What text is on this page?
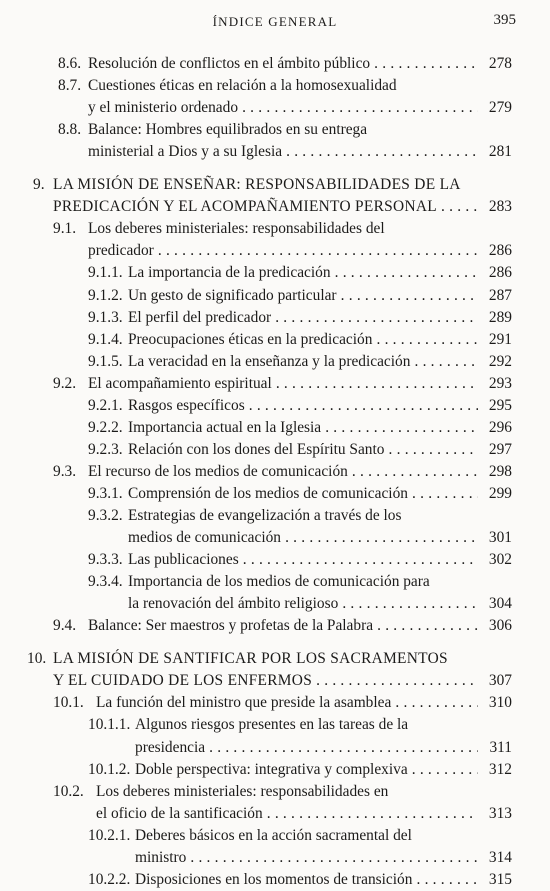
ÍNDICE GENERAL	395
8.6. Resolución de conflictos en el ámbito público . . .	278
8.7. Cuestiones éticas en relación a la homosexualidad
y el ministerio ordenado . . .	279
8.8. Balance: Hombres equilibrados en su entrega
ministerial a Dios y a su Iglesia . . .	281
9. LA MISIÓN DE ENSEÑAR: RESPONSABILIDADES DE LA
PREDICACIÓN Y EL ACOMPAÑAMIENTO PERSONAL . . .	283
9.1. Los deberes ministeriales: responsabilidades del
predicador . . .	286
9.1.1. La importancia de la predicación . . .	286
9.1.2. Un gesto de significado particular . . .	287
9.1.3. El perfil del predicador . . .	289
9.1.4. Preocupaciones éticas en la predicación . . .	291
9.1.5. La veracidad en la enseñanza y la predicación . . .	292
9.2. El acompañamiento espiritual . . .	293
9.2.1. Rasgos específicos . . .	295
9.2.2. Importancia actual en la Iglesia . . .	296
9.2.3. Relación con los dones del Espíritu Santo . . .	297
9.3. El recurso de los medios de comunicación . . .	298
9.3.1. Comprensión de los medios de comunicación . . .	299
9.3.2. Estrategias de evangelización a través de los
medios de comunicación . . .	301
9.3.3. Las publicaciones . . .	302
9.3.4. Importancia de los medios de comunicación para
la renovación del ámbito religioso . . .	304
9.4. Balance: Ser maestros y profetas de la Palabra . . .	306
10. LA MISIÓN DE SANTIFICAR POR LOS SACRAMENTOS
Y EL CUIDADO DE LOS ENFERMOS . . .	307
10.1. La función del ministro que preside la asamblea . . .	310
10.1.1. Algunos riesgos presentes en las tareas de la
presidencia . . .	311
10.1.2. Doble perspectiva: integrativa y complexiva . . .	312
10.2. Los deberes ministeriales: responsabilidades en
el oficio de la santificación . . .	313
10.2.1. Deberes básicos en la acción sacramental del
ministro . . .	314
10.2.2. Disposiciones en los momentos de transición . . .	315
